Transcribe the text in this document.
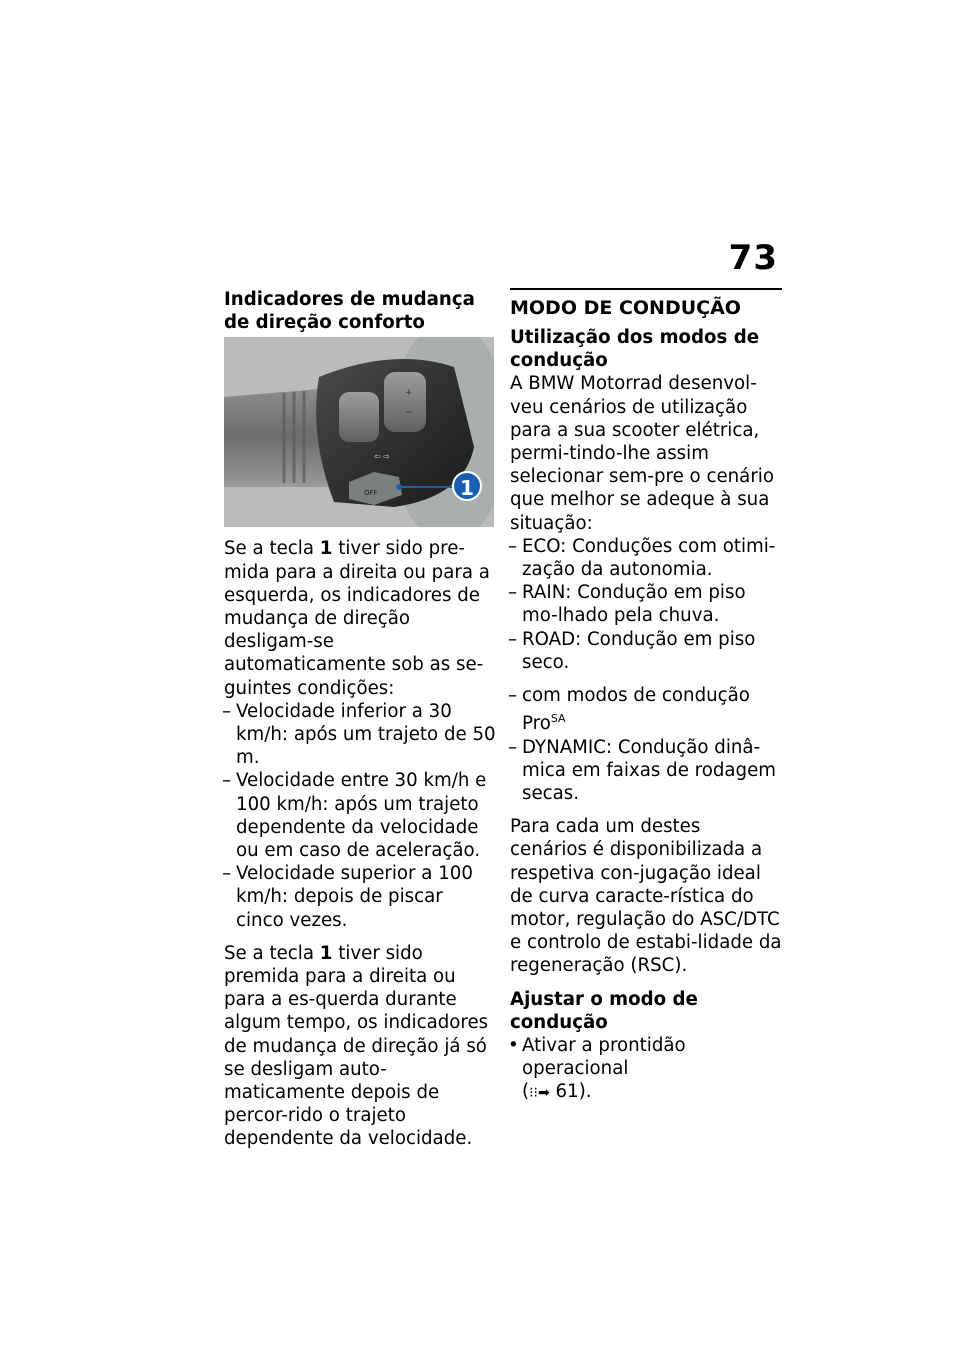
73
Indicadores de mudança de direção conforto
+
−
⇦ ⇨
OFF	1

Se a tecla 1 tiver sido pre-mida para a direita ou para a esquerda, os indicadores de mudança de direção desligam-se automaticamente sob as se-guintes condições:

– Velocidade inferior a 30 km/h: após um trajeto de 50 m.
– Velocidade entre 30 km/h e 100 km/h: após um trajeto dependente da velocidade ou em caso de aceleração.
– Velocidade superior a 100 km/h: depois de piscar cinco vezes.

Se a tecla 1 tiver sido premida para a direita ou para a es-querda durante algum tempo, os indicadores de mudança de direção já só se desligam auto-maticamente depois de percor-rido o trajeto dependente da velocidade.

MODO DE CONDUÇÃO
Utilização dos modos de condução

A BMW Motorrad desenvol-veu cenários de utilização para a sua scooter elétrica, permi-tindo-lhe assim selecionar sem-pre o cenário que melhor se adeque à sua situação:

– ECO: Conduções com otimi-zação da autonomia.
– RAIN: Condução em piso mo-lhado pela chuva.
– ROAD: Condução em piso seco.
– com modos de condução Pro$^{SA}$
– DYNAMIC: Condução dinâ-mica em faixas de rodagem secas.

Para cada um destes cenários é disponibilizada a respetiva con-jugação ideal de curva caracte-rística do motor, regulação do ASC/DTC e controlo de estabi-lidade da regeneração (RSC).

Ajustar o modo de condução
• Ativar a prontidão operacional
(⁝⁝➡ 61).
